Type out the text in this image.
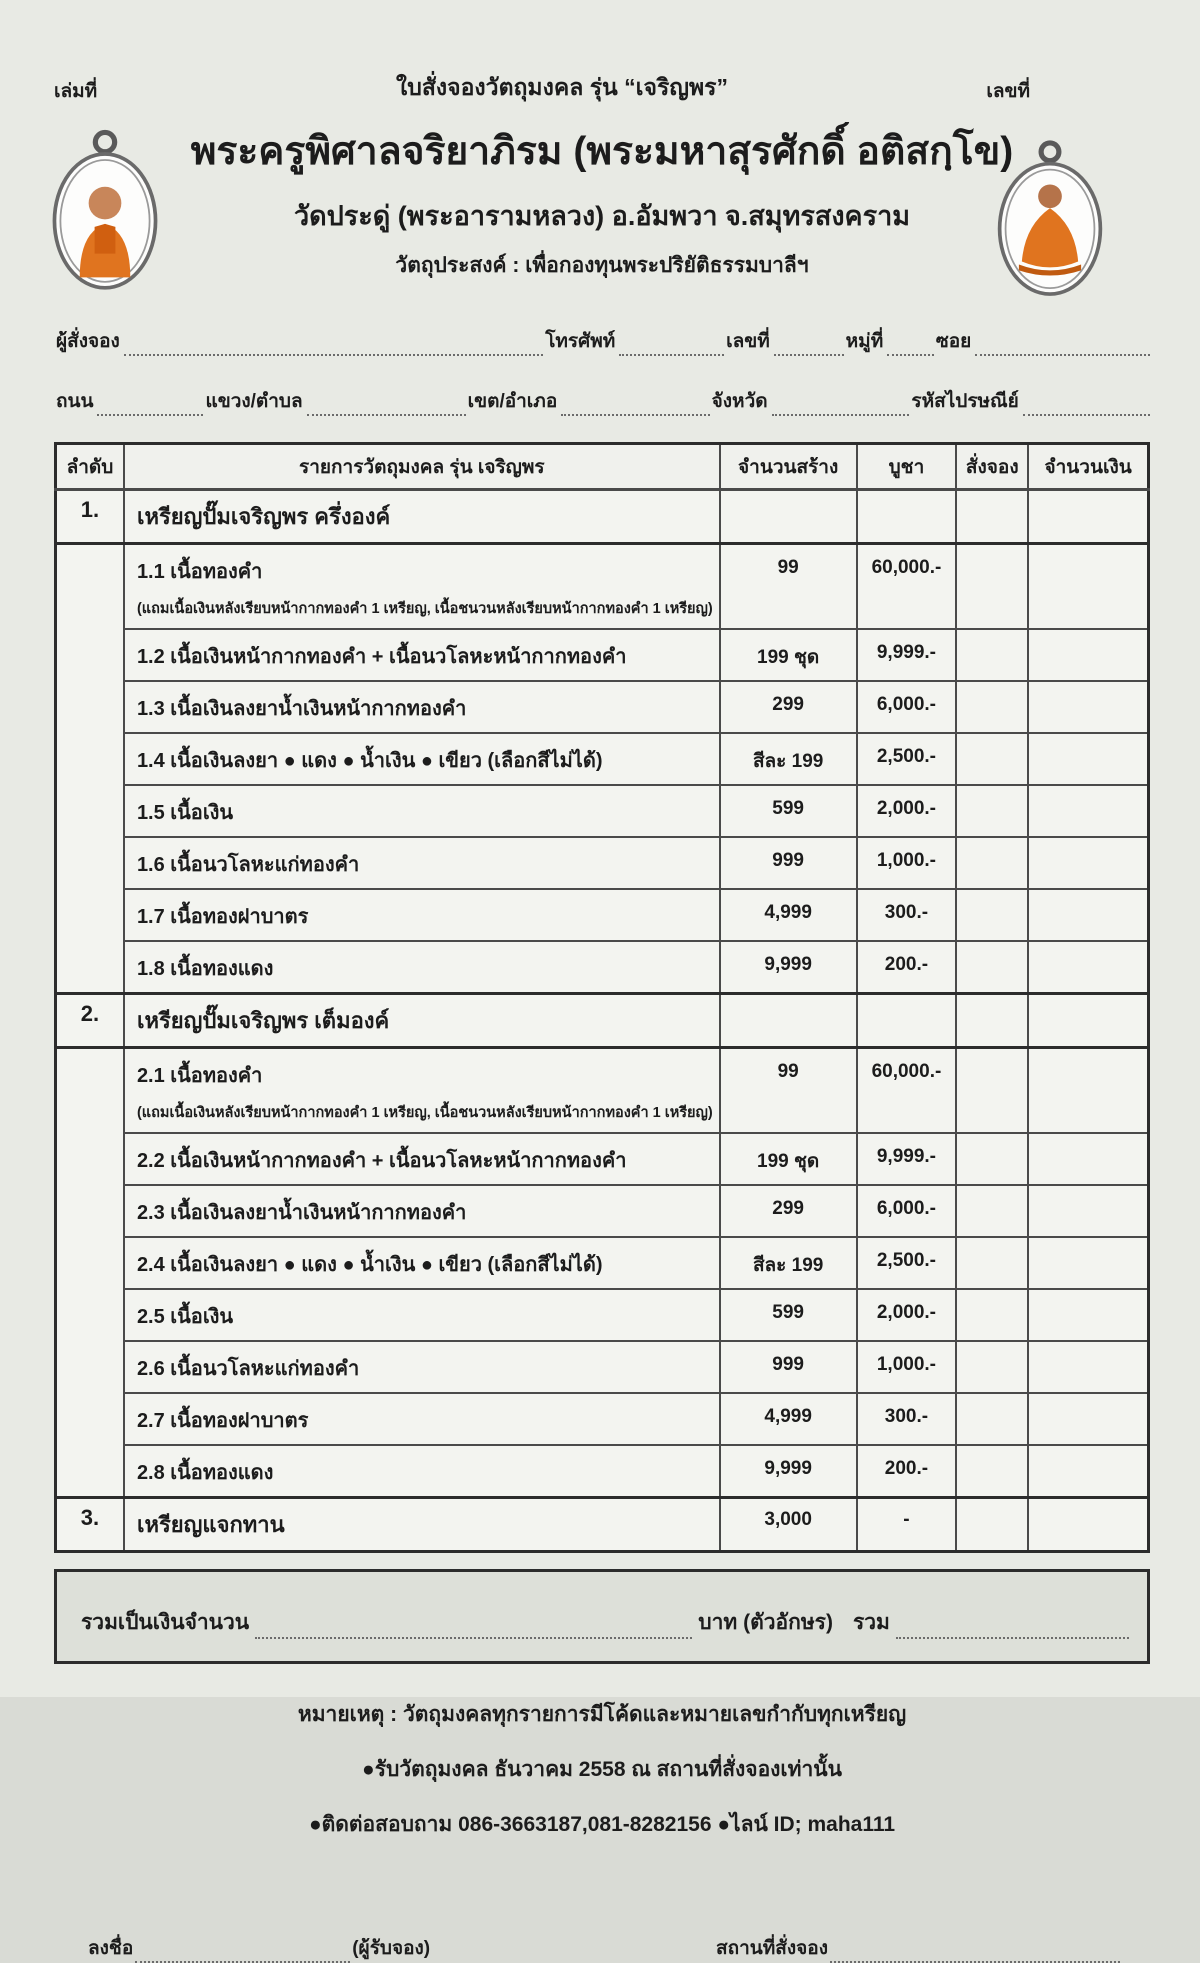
เล่มที่	ใบสั่งจองวัตถุมงคล รุ่น “เจริญพร”	เลขที่
พระครูพิศาลจริยาภิรม (พระมหาสุรศักดิ์ อติสกฺโข)
วัดประดู่ (พระอารามหลวง) อ.อัมพวา จ.สมุทรสงคราม
วัตถุประสงค์ : เพื่อกองทุนพระปริยัติธรรมบาลีฯ
ผู้สั่งจอง	โทรศัพท์	เลขที่	หมู่ที่	ซอย
ถนน	แขวง/ตำบล	เขต/อำเภอ	จังหวัด	รหัสไปรษณีย์
ลำดับ	รายการวัตถุมงคล รุ่น เจริญพร	จำนวนสร้าง	บูชา	สั่งจอง	จำนวนเงิน
1.	เหรียญปั๊มเจริญพร ครึ่งองค์				

	1.1 เนื้อทองคำ
(แถมเนื้อเงินหลังเรียบหน้ากากทองคำ 1 เหรียญ, เนื้อชนวนหลังเรียบหน้ากากทองคำ 1 เหรียญ)	99	60,000.-		
	1.2 เนื้อเงินหน้ากากทองคำ + เนื้อนวโลหะหน้ากากทองคำ	199 ชุด	9,999.-		
	1.3 เนื้อเงินลงยาน้ำเงินหน้ากากทองคำ	299	6,000.-		
	1.4 เนื้อเงินลงยา ● แดง ● น้ำเงิน ● เขียว (เลือกสีไม่ได้)	สีละ 199	2,500.-		
	1.5 เนื้อเงิน	599	2,000.-		
	1.6 เนื้อนวโลหะแก่ทองคำ	999	1,000.-		
	1.7 เนื้อทองฝาบาตร	4,999	300.-		
	1.8 เนื้อทองแดง	9,999	200.-		
2.	เหรียญปั๊มเจริญพร เต็มองค์				

	2.1 เนื้อทองคำ
(แถมเนื้อเงินหลังเรียบหน้ากากทองคำ 1 เหรียญ, เนื้อชนวนหลังเรียบหน้ากากทองคำ 1 เหรียญ)	99	60,000.-		
	2.2 เนื้อเงินหน้ากากทองคำ + เนื้อนวโลหะหน้ากากทองคำ	199 ชุด	9,999.-		
	2.3 เนื้อเงินลงยาน้ำเงินหน้ากากทองคำ	299	6,000.-		
	2.4 เนื้อเงินลงยา ● แดง ● น้ำเงิน ● เขียว (เลือกสีไม่ได้)	สีละ 199	2,500.-		
	2.5 เนื้อเงิน	599	2,000.-		
	2.6 เนื้อนวโลหะแก่ทองคำ	999	1,000.-		
	2.7 เนื้อทองฝาบาตร	4,999	300.-		
	2.8 เนื้อทองแดง	9,999	200.-		
3.	เหรียญแจกทาน	3,000	-		
รวมเป็นเงินจำนวน	บาท (ตัวอักษร) รวม
หมายเหตุ : วัตถุมงคลทุกรายการมีโค้ดและหมายเลขกำกับทุกเหรียญ
●รับวัตถุมงคล ธันวาคม 2558 ณ สถานที่สั่งจองเท่านั้น
●ติดต่อสอบถาม 086-3663187,081-8282156 ●ไลน์ ID; maha111
ลงชื่อ	(ผู้รับจอง)	สถานที่สั่งจอง
